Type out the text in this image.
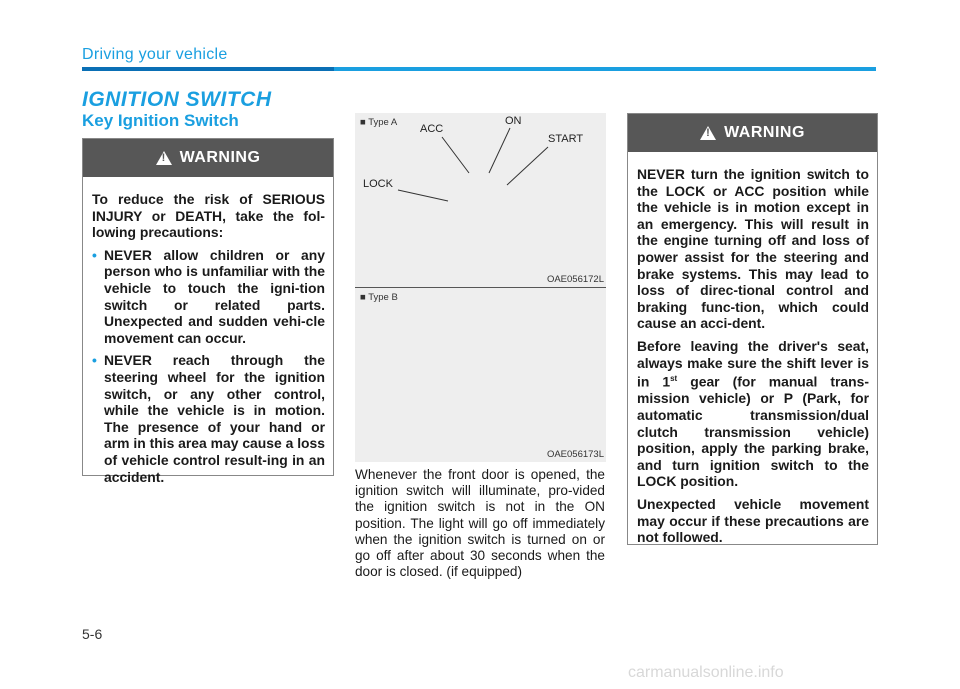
Driving your vehicle
IGNITION SWITCH
Key Ignition Switch
!
WARNING

To reduce the risk of SERIOUS INJURY or DEATH, take the fol-lowing precautions:

• NEVER allow children or any person who is unfamiliar with the vehicle to touch the igni-tion switch or related parts. Unexpected and sudden vehi-cle movement can occur.
• NEVER reach through the steering wheel for the ignition switch, or any other control, while the vehicle is in motion. The presence of your hand or arm in this area may cause a loss of vehicle control result-ing in an accident.
■ Type A
LOCK
ACC
ON
START
OAE056172L
■ Type B
OAE056173L
Whenever the front door is opened, the ignition switch will illuminate, pro-vided the ignition switch is not in the ON position. The light will go off immediately when the ignition switch is turned on or go off after about 30 seconds when the door is closed. (if equipped)
!
WARNING

NEVER turn the ignition switch to the LOCK or ACC position while the vehicle is in motion except in an emergency. This will result in the engine turning off and loss of power assist for the steering and brake systems. This may lead to loss of direc-tional control and braking func-tion, which could cause an acci-dent.

Before leaving the driver's seat, always make sure the shift lever is in 1st gear (for manual trans-mission vehicle) or P (Park, for automatic transmission/dual clutch transmission vehicle) position, apply the parking brake, and turn ignition switch to the LOCK position.

Unexpected vehicle movement may occur if these precautions are not followed.

5-6
carmanualsonline.info
